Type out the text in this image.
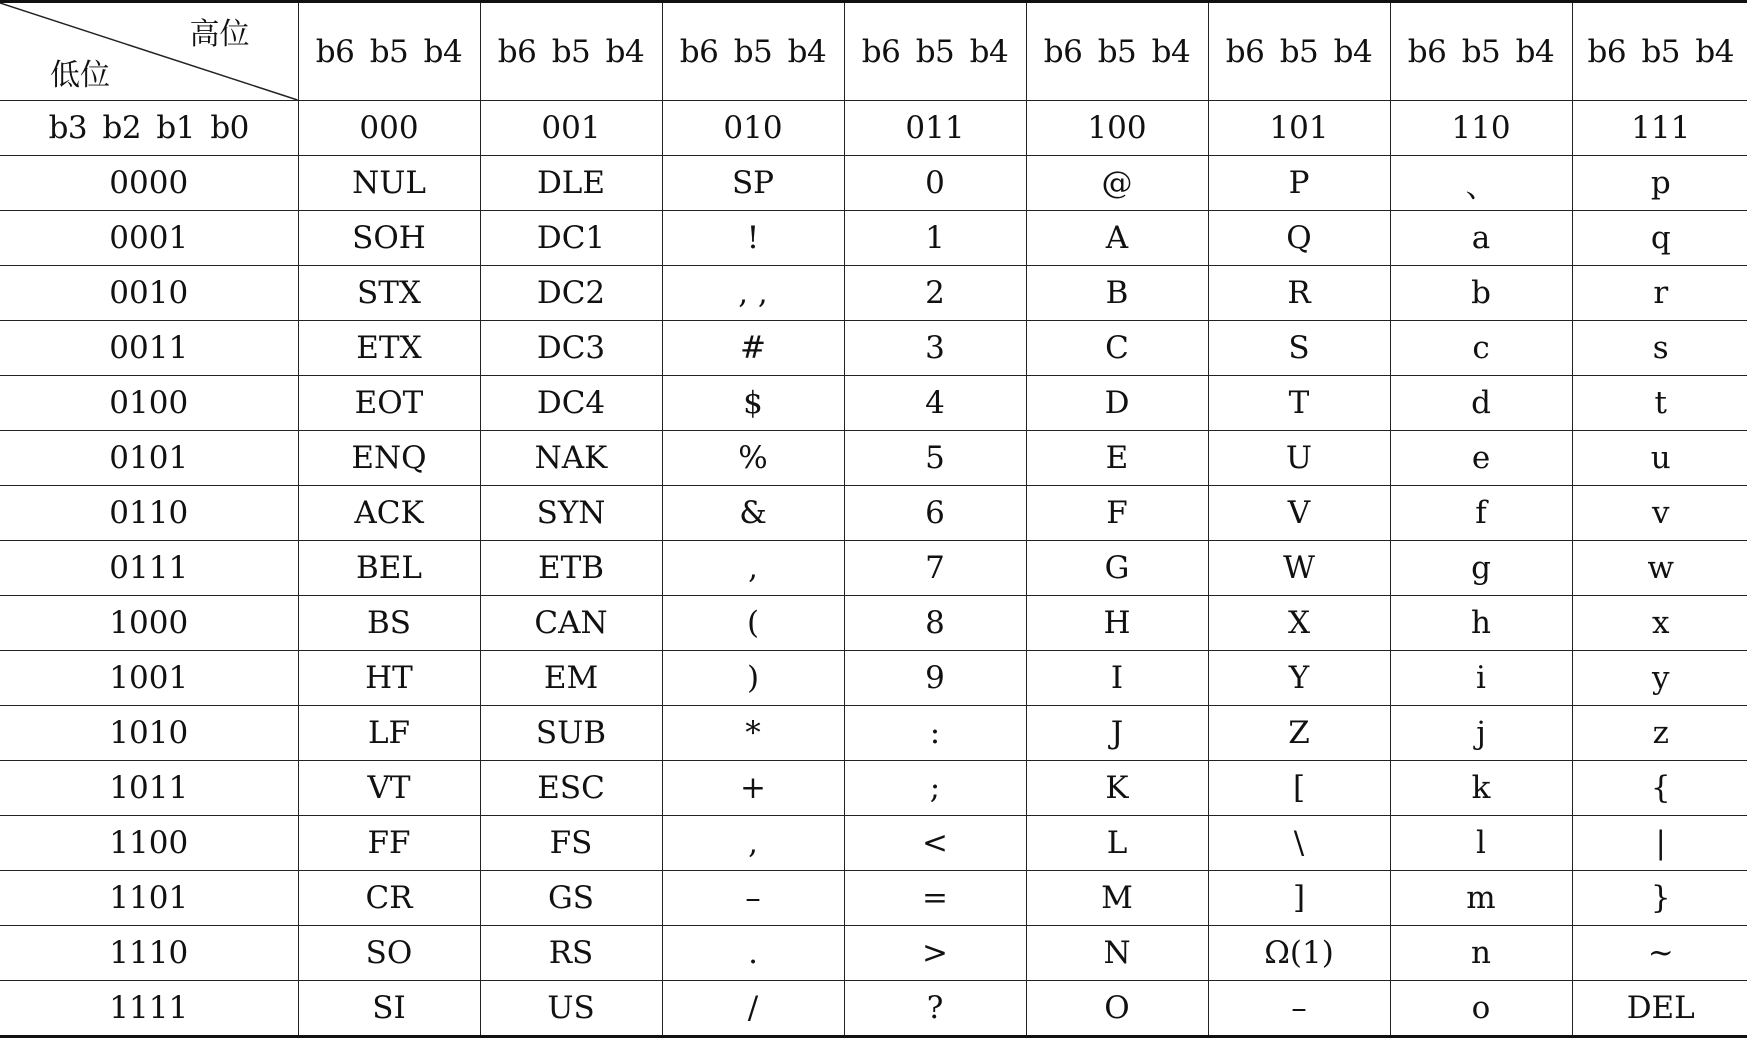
高位
低位	b6 b5 b4	b6 b5 b4	b6 b5 b4	b6 b5 b4	b6 b5 b4	b6 b5 b4	b6 b5 b4	b6 b5 b4
b3 b2 b1 b0	000	001	010	011	100	101	110	111
0000	NUL	DLE	SP	0	@	P	、	p
0001	SOH	DC1	!	1	A	Q	a	q
0010	STX	DC2	, ,	2	B	R	b	r
0011	ETX	DC3	#	3	C	S	c	s
0100	EOT	DC4	$	4	D	T	d	t
0101	ENQ	NAK	%	5	E	U	e	u
0110	ACK	SYN	&	6	F	V	f	v
0111	BEL	ETB	,	7	G	W	g	w
1000	BS	CAN	(	8	H	X	h	x
1001	HT	EM	)	9	I	Y	i	y
1010	LF	SUB	*	:	J	Z	j	z
1011	VT	ESC	+	;	K	[	k	{
1100	FF	FS	,	<	L	\	l	|
1101	CR	GS	–	=	M	]	m	}
1110	SO	RS	.	>	N	Ω(1)	n	~
1111	SI	US	/	?	O	–	o	DEL
